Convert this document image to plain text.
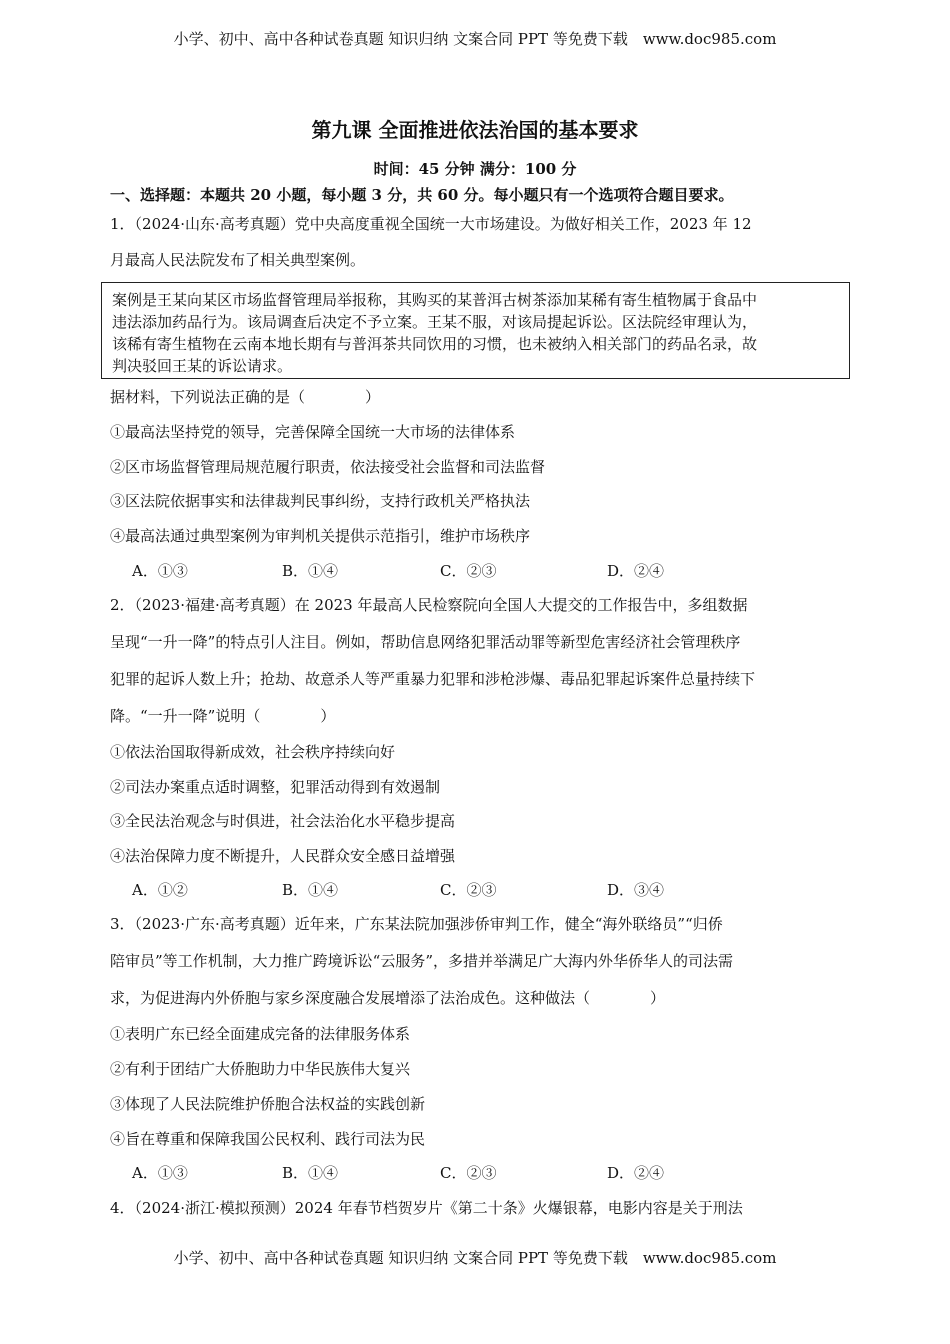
小学、初中、高中各种试卷真题 知识归纳 文案合同 PPT 等免费下载　www.doc985.com
第九课 全面推进依法治国的基本要求
时间：45 分钟 满分：100 分
一、选择题：本题共 20 小题，每小题 3 分，共 60 分。每小题只有一个选项符合题目要求。
1．（2024·山东·高考真题）党中央高度重视全国统一大市场建设。为做好相关工作，2023 年 12
月最高人民法院发布了相关典型案例。
案例是王某向某区市场监督管理局举报称，其购买的某普洱古树茶添加某稀有寄生植物属于食品中
违法添加药品行为。该局调查后决定不予立案。王某不服，对该局提起诉讼。区法院经审理认为，
该稀有寄生植物在云南本地长期有与普洱茶共同饮用的习惯，也未被纳入相关部门的药品名录，故
判决驳回王某的诉讼请求。
据材料，下列说法正确的是（　　　　）
①最高法坚持党的领导，完善保障全国统一大市场的法律体系
②区市场监督管理局规范履行职责，依法接受社会监督和司法监督
③区法院依据事实和法律裁判民事纠纷，支持行政机关严格执法
④最高法通过典型案例为审判机关提供示范指引，维护市场秩序
A．①③	B．①④	C．②③	D．②④
2．（2023·福建·高考真题）在 2023 年最高人民检察院向全国人大提交的工作报告中，多组数据
呈现“一升一降”的特点引人注目。例如，帮助信息网络犯罪活动罪等新型危害经济社会管理秩序
犯罪的起诉人数上升；抢劫、故意杀人等严重暴力犯罪和涉枪涉爆、毒品犯罪起诉案件总量持续下
降。“一升一降”说明（　　　　）
①依法治国取得新成效，社会秩序持续向好
②司法办案重点适时调整，犯罪活动得到有效遏制
③全民法治观念与时俱进，社会法治化水平稳步提高
④法治保障力度不断提升，人民群众安全感日益增强
A．①②	B．①④	C．②③	D．③④
3．（2023·广东·高考真题）近年来，广东某法院加强涉侨审判工作，健全“海外联络员”“归侨
陪审员”等工作机制，大力推广跨境诉讼“云服务”，多措并举满足广大海内外华侨华人的司法需
求，为促进海内外侨胞与家乡深度融合发展增添了法治成色。这种做法（　　　　）
①表明广东已经全面建成完备的法律服务体系
②有利于团结广大侨胞助力中华民族伟大复兴
③体现了人民法院维护侨胞合法权益的实践创新
④旨在尊重和保障我国公民权利、践行司法为民
A．①③	B．①④	C．②③	D．②④
4．（2024·浙江·模拟预测）2024 年春节档贺岁片《第二十条》火爆银幕，电影内容是关于刑法
小学、初中、高中各种试卷真题 知识归纳 文案合同 PPT 等免费下载　www.doc985.com
